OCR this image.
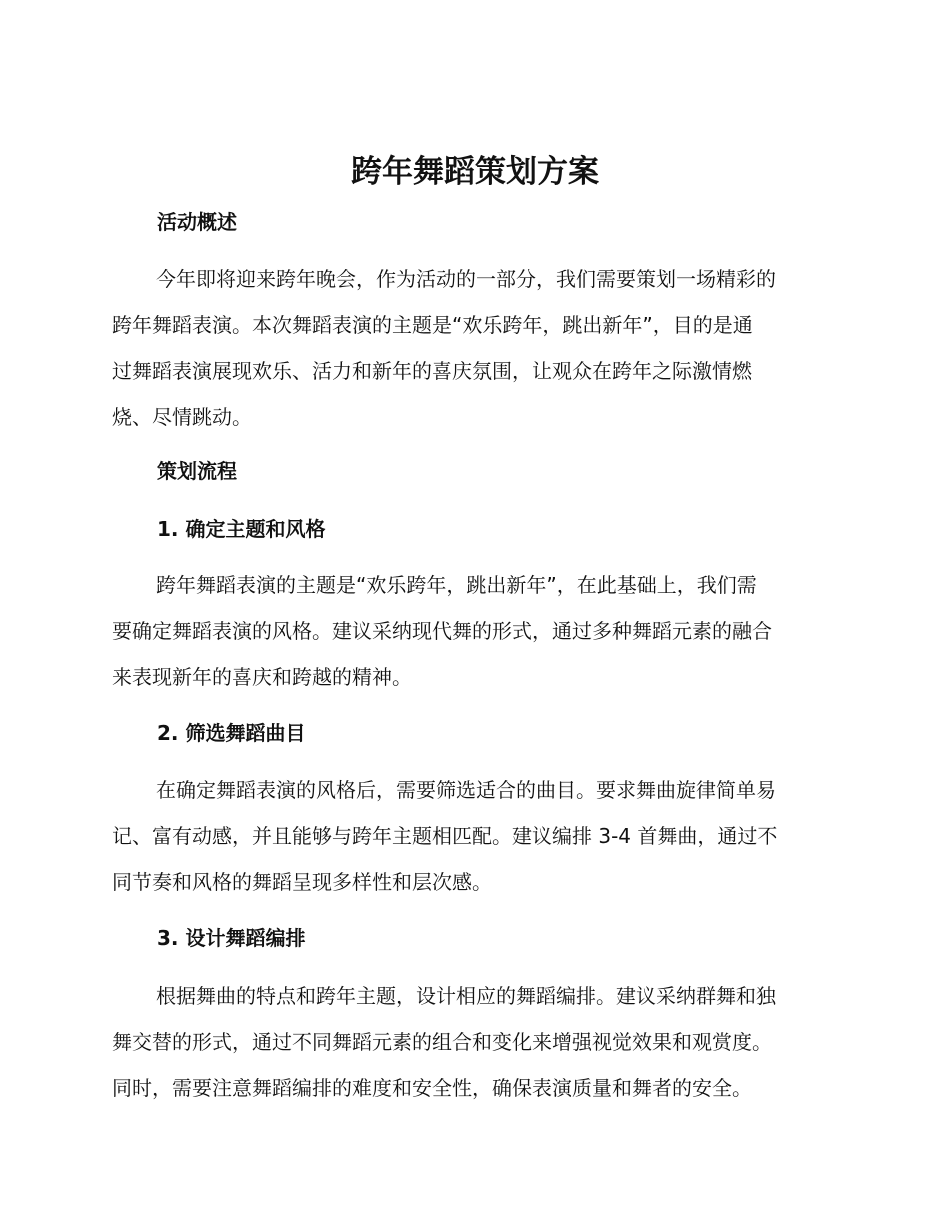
跨年舞蹈策划方案
活动概述
今年即将迎来跨年晚会，作为活动的一部分，我们需要策划一场精彩的
跨年舞蹈表演。本次舞蹈表演的主题是“欢乐跨年，跳出新年”，目的是通
过舞蹈表演展现欢乐、活力和新年的喜庆氛围，让观众在跨年之际激情燃
烧、尽情跳动。
策划流程
1. 确定主题和风格
跨年舞蹈表演的主题是“欢乐跨年，跳出新年”，在此基础上，我们需
要确定舞蹈表演的风格。建议采纳现代舞的形式，通过多种舞蹈元素的融合
来表现新年的喜庆和跨越的精神。
2. 筛选舞蹈曲目
在确定舞蹈表演的风格后，需要筛选适合的曲目。要求舞曲旋律简单易
记、富有动感，并且能够与跨年主题相匹配。建议编排 3-4 首舞曲，通过不
同节奏和风格的舞蹈呈现多样性和层次感。
3. 设计舞蹈编排
根据舞曲的特点和跨年主题，设计相应的舞蹈编排。建议采纳群舞和独
舞交替的形式，通过不同舞蹈元素的组合和变化来增强视觉效果和观赏度。
同时，需要注意舞蹈编排的难度和安全性，确保表演质量和舞者的安全。
